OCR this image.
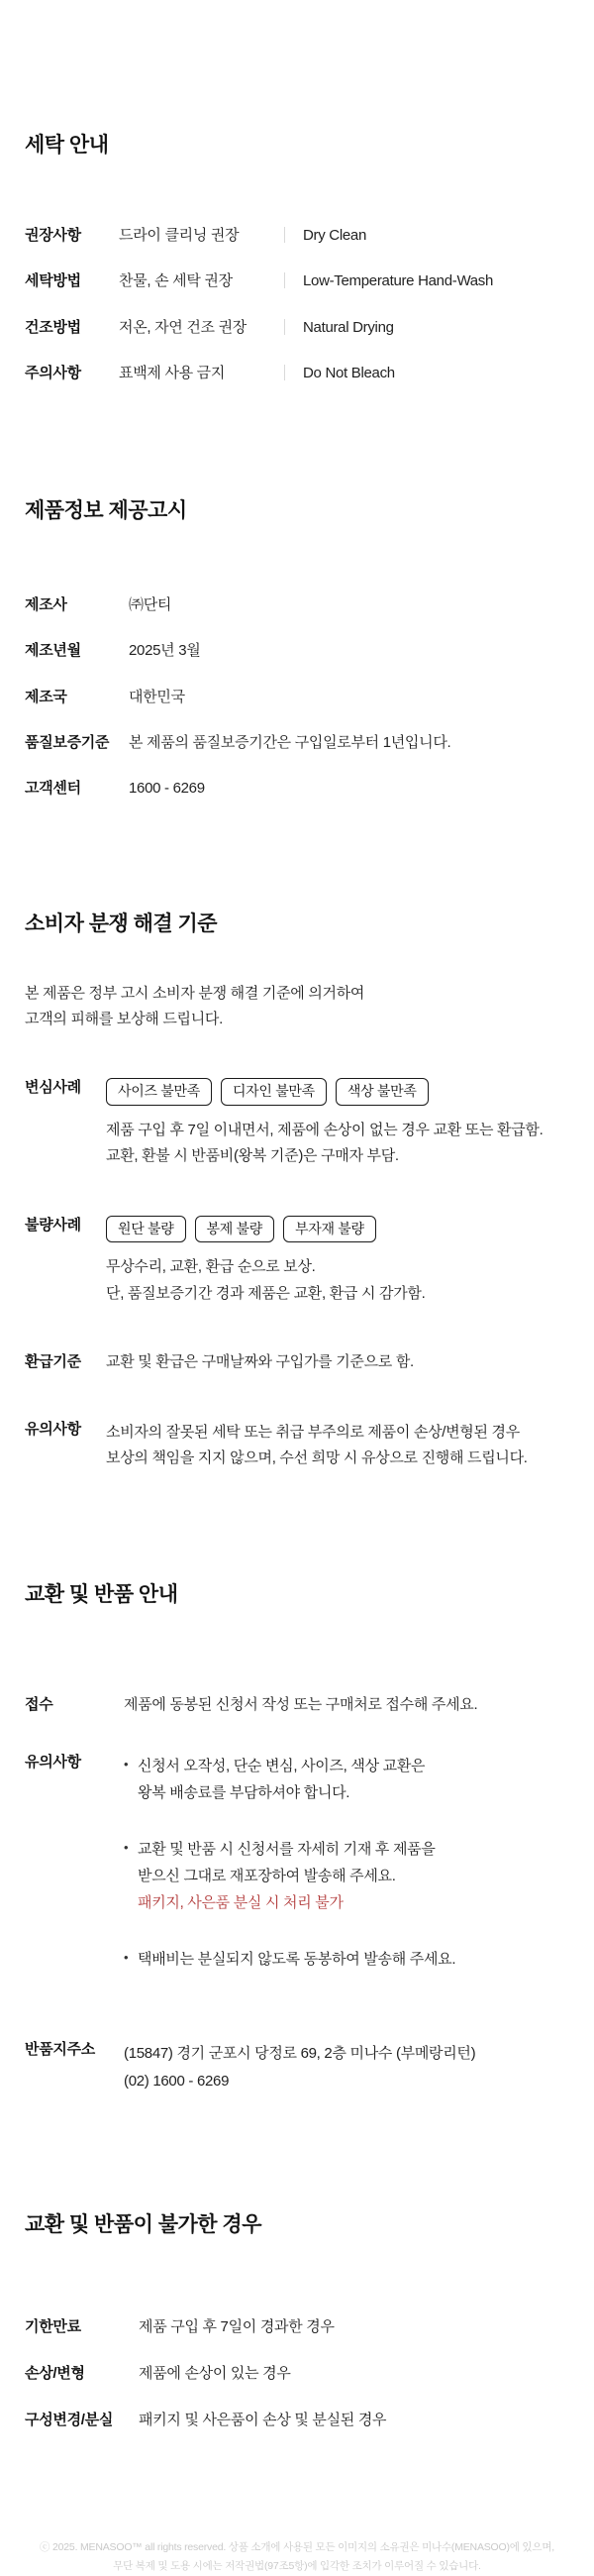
세탁 안내
권장사항	드라이 클리닝 권장	Dry Clean
세탁방법	찬물, 손 세탁 권장	Low-Temperature Hand-Wash
건조방법	저온, 자연 건조 권장	Natural Drying
주의사항	표백제 사용 금지	Do Not Bleach
제품정보 제공고시
제조사	㈜단티
제조년월	2025년 3월
제조국	대한민국
품질보증기준	본 제품의 품질보증기간은 구입일로부터 1년입니다.
고객센터	1600 - 6269
소비자 분쟁 해결 기준
본 제품은 정부 고시 소비자 분쟁 해결 기준에 의거하여
고객의 피해를 보상해 드립니다.
변심사례	사이즈 불만족	디자인 불만족	색상 불만족
제품 구입 후 7일 이내면서, 제품에 손상이 없는 경우 교환 또는 환급함.
교환, 환불 시 반품비(왕복 기준)은 구매자 부담.
불량사례	원단 불량	봉제 불량	부자재 불량
무상수리, 교환, 환급 순으로 보상.
단, 품질보증기간 경과 제품은 교환, 환급 시 감가함.
환급기준	교환 및 환급은 구매날짜와 구입가를 기준으로 함.
유의사항	소비자의 잘못된 세탁 또는 취급 부주의로 제품이 손상/변형된 경우
보상의 책임을 지지 않으며, 수선 희망 시 유상으로 진행해 드립니다.
교환 및 반품 안내
접수	제품에 동봉된 신청서 작성 또는 구매처로 접수해 주세요.
유의사항	• 신청서 오작성, 단순 변심, 사이즈, 색상 교환은
왕복 배송료를 부담하셔야 합니다.
• 교환 및 반품 시 신청서를 자세히 기재 후 제품을
받으신 그대로 재포장하여 발송해 주세요.
패키지, 사은품 분실 시 처리 불가
• 택배비는 분실되지 않도록 동봉하여 발송해 주세요.
반품지주소	(15847) 경기 군포시 당정로 69, 2층 미나수 (부메랑리턴)
(02) 1600 - 6269
교환 및 반품이 불가한 경우
기한만료	제품 구입 후 7일이 경과한 경우
손상/변형	제품에 손상이 있는 경우
구성변경/분실	패키지 및 사은품이 손상 및 분실된 경우
ⓒ 2025. MENASOO™ all rights reserved. 상품 소개에 사용된 모든 이미지의 소유권은 미나수(MENASOO)에 있으며,
무단 복제 및 도용 시에는 저작권법(97조5항)에 입각한 조치가 이루어질 수 있습니다.
